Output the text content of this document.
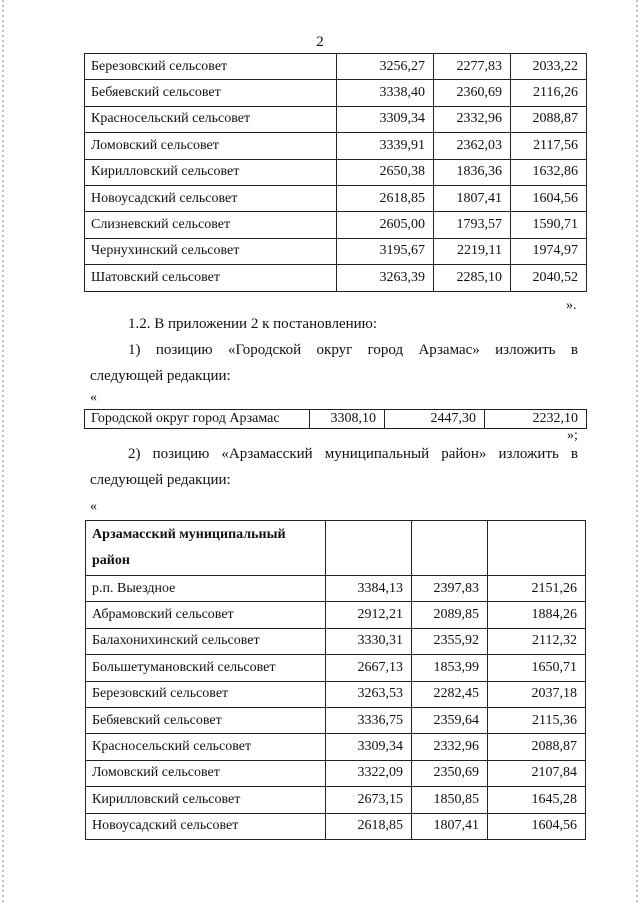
2
Березовский сельсовет	3256,27	2277,83	2033,22
Бебяевский сельсовет	3338,40	2360,69	2116,26
Красносельский сельсовет	3309,34	2332,96	2088,87
Ломовский сельсовет	3339,91	2362,03	2117,56
Кирилловский сельсовет	2650,38	1836,36	1632,86
Новоусадский сельсовет	2618,85	1807,41	1604,56
Слизневский сельсовет	2605,00	1793,57	1590,71
Чернухинский сельсовет	3195,67	2219,11	1974,97
Шатовский сельсовет	3263,39	2285,10	2040,52
».
1.2. В приложении 2 к постановлению:
1) позицию «Городской округ город Арзамас» изложить в
следующей редакции:
«
Городской округ город Арзамас	3308,10	2447,30	2232,10
»;
2) позицию «Арзамасский муниципальный район» изложить в
следующей редакции:
«
Арзамасский муниципальный район			
р.п. Выездное	3384,13	2397,83	2151,26
Абрамовский сельсовет	2912,21	2089,85	1884,26
Балахонихинский сельсовет	3330,31	2355,92	2112,32
Большетумановский сельсовет	2667,13	1853,99	1650,71
Березовский сельсовет	3263,53	2282,45	2037,18
Бебяевский сельсовет	3336,75	2359,64	2115,36
Красносельский сельсовет	3309,34	2332,96	2088,87
Ломовский сельсовет	3322,09	2350,69	2107,84
Кирилловский сельсовет	2673,15	1850,85	1645,28
Новоусадский сельсовет	2618,85	1807,41	1604,56
